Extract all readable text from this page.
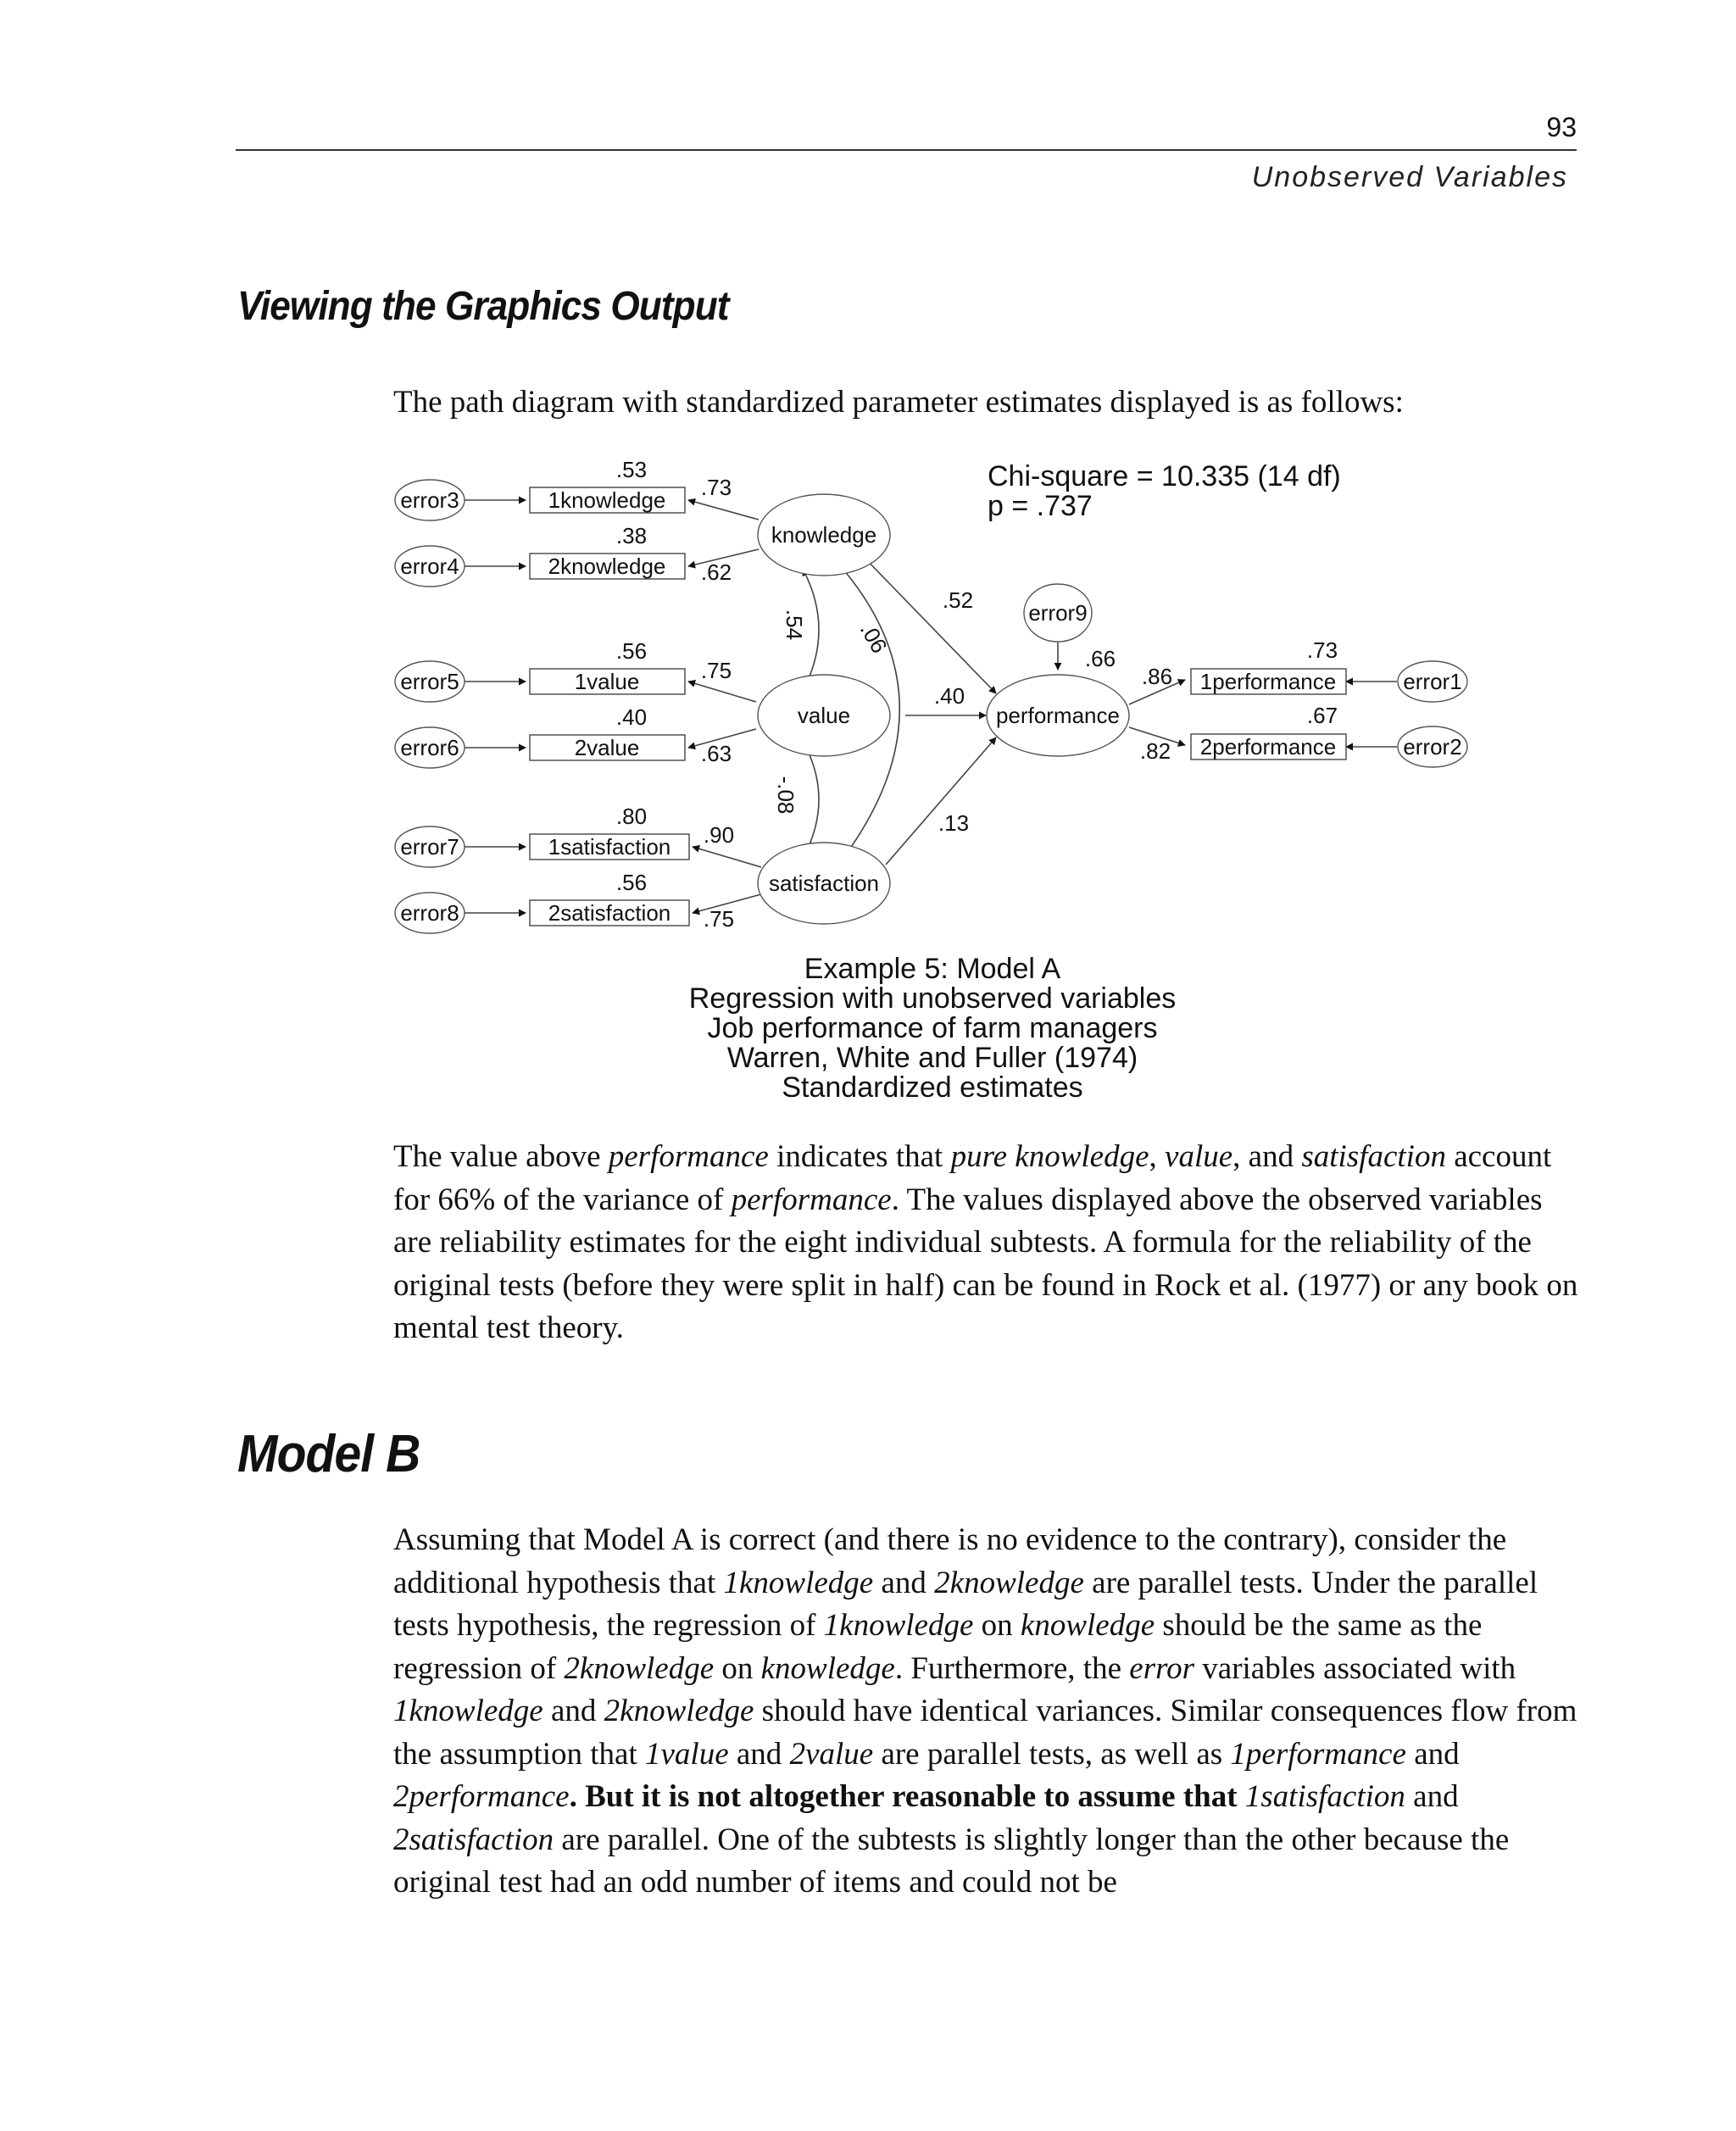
93
Unobserved Variables
Viewing the Graphics Output

The path diagram with standardized parameter estimates displayed is as follows:

error3
error4
error5
error6
error7
error8
error9
error1
error2
1knowledge
2knowledge
1value
2value
1satisfaction
2satisfaction
1performance
2performance
knowledge
value
satisfaction
performance
.53
.38
.56
.40
.80
.56
.73
.67
.73
.62
.75
.63
.90
.75
.86
.82
.52
.40
.13
.66
.54 .06
-.08
Chi-square = 10.335 (14 df)
p = .737
Example 5: Model A
Regression with unobserved variables
Job performance of farm managers
Warren, White and Fuller (1974)
Standardized estimates

The value above performance indicates that pure knowledge, value, and satisfaction account for 66% of the variance of performance. The values displayed above the observed variables are reliability estimates for the eight individual subtests. A formula for the reliability of the original tests (before they were split in half) can be found in Rock et al. (1977) or any book on mental test theory.

Model B

Assuming that Model A is correct (and there is no evidence to the contrary), consider the additional hypothesis that 1knowledge and 2knowledge are parallel tests. Under the parallel tests hypothesis, the regression of 1knowledge on knowledge should be the same as the regression of 2knowledge on knowledge. Furthermore, the error variables associated with 1knowledge and 2knowledge should have identical variances. Similar consequences flow from the assumption that 1value and 2value are parallel tests, as well as 1performance and 2performance. But it is not altogether reasonable to assume that 1satisfaction and 2satisfaction are parallel. One of the subtests is slightly longer than the other because the original test had an odd number of items and could not be
